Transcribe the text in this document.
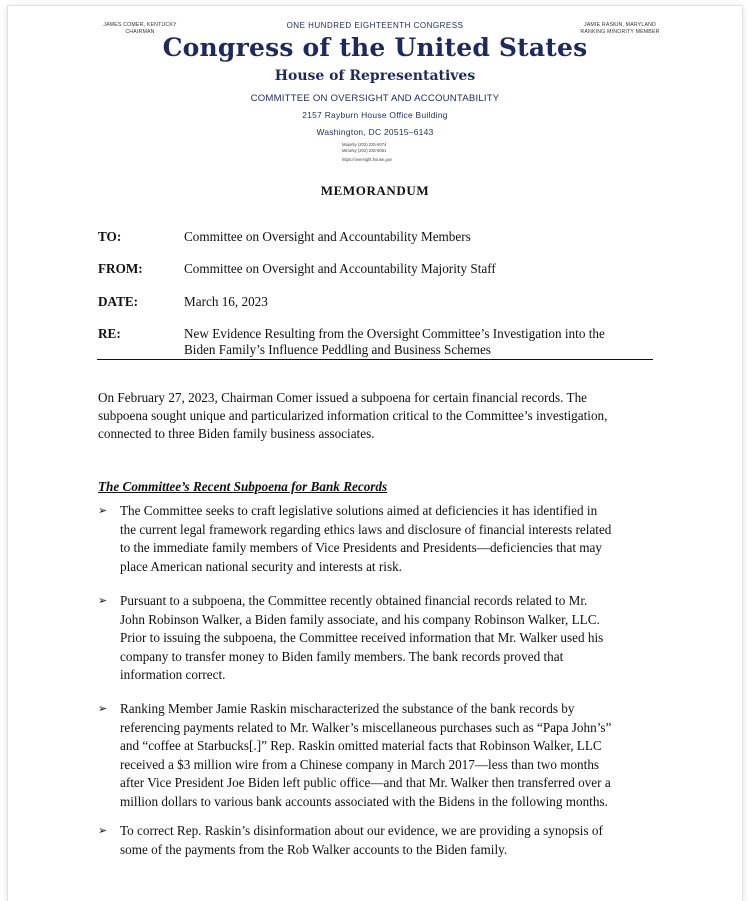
JAMES COMER, KENTUCKY
CHAIRMAN
JAMIE RASKIN, MARYLAND
RANKING MINORITY MEMBER
ONE HUNDRED EIGHTEENTH CONGRESS
Congress of the United States
House of Representatives
COMMITTEE ON OVERSIGHT AND ACCOUNTABILITY
2157 Rayburn House Office Building
Washington, DC 20515–6143
Majority (202) 225-5074
Minority (202) 225-5051
https://oversight.house.gov
MEMORANDUM
TO:	Committee on Oversight and Accountability Members
FROM:	Committee on Oversight and Accountability Majority Staff
DATE:	March 16, 2023
RE:	New Evidence Resulting from the Oversight Committee’s Investigation into the
Biden Family’s Influence Peddling and Business Schemes
On February 27, 2023, Chairman Comer issued a subpoena for certain financial records. The
subpoena sought unique and particularized information critical to the Committee’s investigation,
connected to three Biden family business associates.
The Committee’s Recent Subpoena for Bank Records
➢ The Committee seeks to craft legislative solutions aimed at deficiencies it has identified in
the current legal framework regarding ethics laws and disclosure of financial interests related
to the immediate family members of Vice Presidents and Presidents—deficiencies that may
place American national security and interests at risk.
➢ Pursuant to a subpoena, the Committee recently obtained financial records related to Mr.
John Robinson Walker, a Biden family associate, and his company Robinson Walker, LLC.
Prior to issuing the subpoena, the Committee received information that Mr. Walker used his
company to transfer money to Biden family members. The bank records proved that
information correct.
➢ Ranking Member Jamie Raskin mischaracterized the substance of the bank records by
referencing payments related to Mr. Walker’s miscellaneous purchases such as “Papa John’s”
and “coffee at Starbucks[.]” Rep. Raskin omitted material facts that Robinson Walker, LLC
received a $3 million wire from a Chinese company in March 2017—less than two months
after Vice President Joe Biden left public office—and that Mr. Walker then transferred over a
million dollars to various bank accounts associated with the Bidens in the following months.
➢ To correct Rep. Raskin’s disinformation about our evidence, we are providing a synopsis of
some of the payments from the Rob Walker accounts to the Biden family.
